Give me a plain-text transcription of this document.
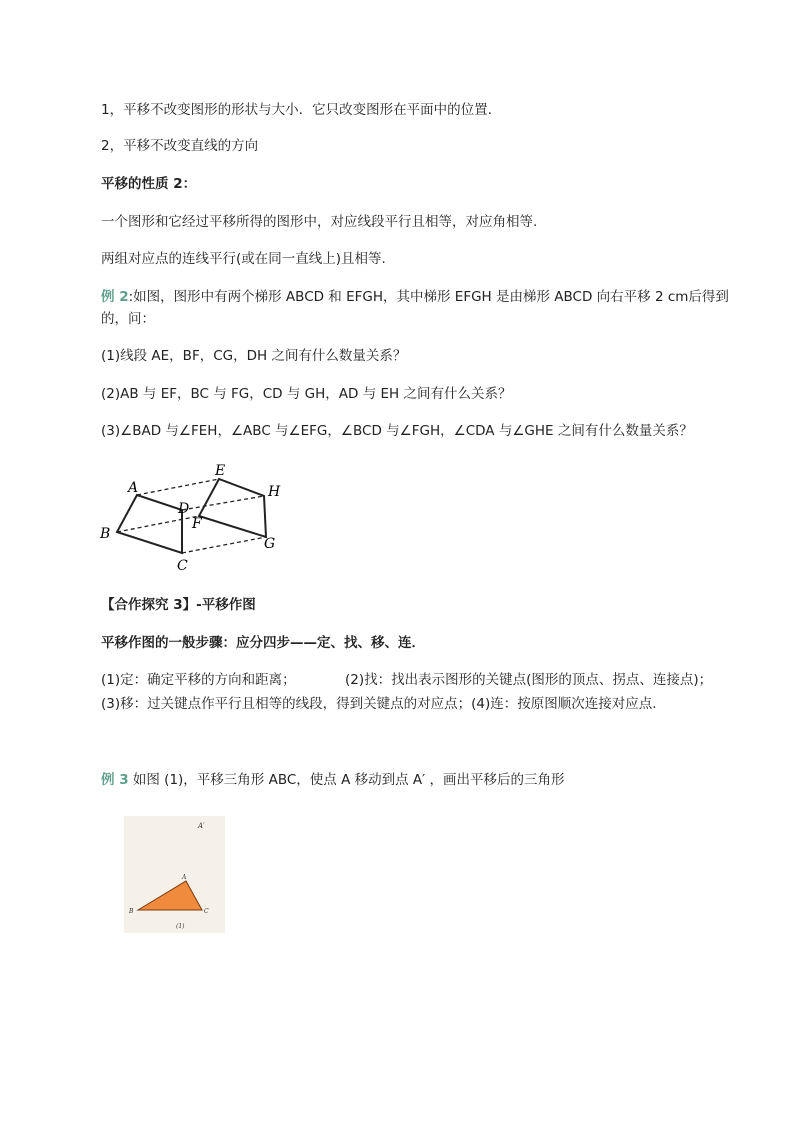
1，平移不改变图形的形状与大小．它只改变图形在平面中的位置.
2，平移不改变直线的方向
平移的性质 2：
一个图形和它经过平移所得的图形中，对应线段平行且相等，对应角相等.
两组对应点的连线平行(或在同一直线上)且相等.
例 2:如图，图形中有两个梯形 ABCD 和 EFGH，其中梯形 EFGH 是由梯形 ABCD 向右平移 2 cm后得到的，问：
(1)线段 AE，BF，CG，DH 之间有什么数量关系？
(2)AB 与 EF，BC 与 FG，CD 与 GH，AD 与 EH 之间有什么关系？
(3)∠BAD 与∠FEH，∠ABC 与∠EFG，∠BCD 与∠FGH，∠CDA 与∠GHE 之间有什么数量关系？
A
B
C
D
E
F
G
H
【合作探究 3】-平移作图
平移作图的一般步骤：应分四步——定、找、移、连．
(1)定：确定平移的方向和距离；	(2)找：找出表示图形的关键点(图形的顶点、拐点、连接点)；
(3)移：过关键点作平行且相等的线段，得到关键点的对应点；(4)连：按原图顺次连接对应点.
例 3 如图 (1)，平移三角形 ABC，使点 A 移动到点 A′ ，画出平移后的三角形
A′
A
B	C
(1)
